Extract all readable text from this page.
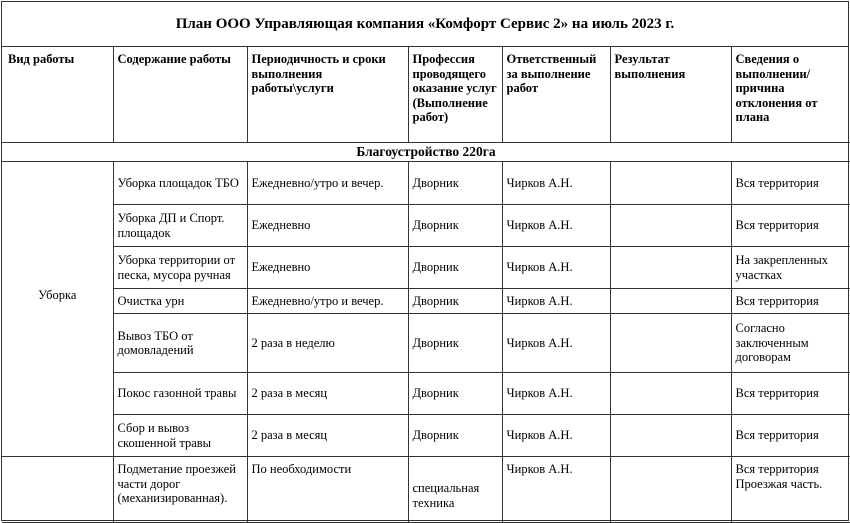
План ООО Управляющая компания «Комфорт Сервис 2» на июль 2023 г.
Вид работы	Содержание работы	Периодичность и сроки выполнения работы\услуги	Профессия проводящего оказание услуг (Выполнение работ)	Ответственный за выполнение работ	Результат выполнения	Сведения о выполнении/ причина отклонения от плана
Благоустройство 220га						
Уборка	Уборка площадок ТБО	Ежедневно/утро и вечер.	Дворник	Чирков А.Н.		Вся территория
	Уборка ДП и Спорт. площадок	Ежедневно	Дворник	Чирков А.Н.		Вся территория
	Уборка территории от песка, мусора ручная	Ежедневно	Дворник	Чирков А.Н.		На закрепленных участках
	Очистка урн	Ежедневно/утро и вечер.	Дворник	Чирков А.Н.		Вся территория
	Вывоз ТБО от домовладений	2 раза в неделю	Дворник	Чирков А.Н.		Согласно заключенным договорам
	Покос газонной травы	2 раза в месяц	Дворник	Чирков А.Н.		Вся территория
	Сбор и вывоз скошенной травы	2 раза в месяц	Дворник	Чирков А.Н.		Вся территория
	Подметание проезжей части дорог (механизированная).	По необходимости	специальная техника	Чирков А.Н.		Вся территория Проезжая часть.
